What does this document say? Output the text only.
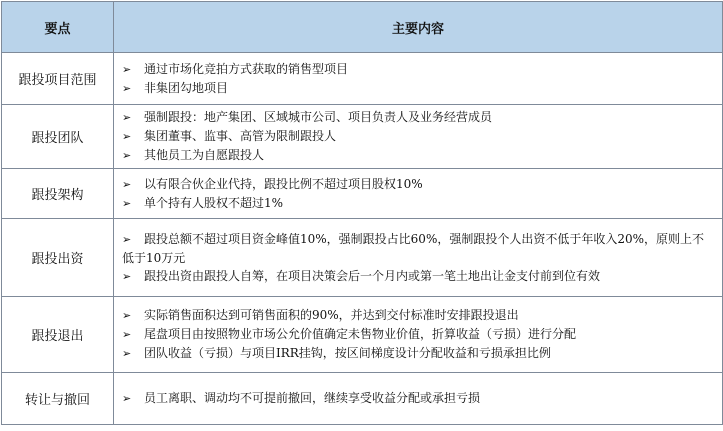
要点	主要内容
跟投项目范围	➢ 通过市场化竞拍方式获取的销售型项目
➢ 非集团勾地项目

跟投团队	➢ 强制跟投：地产集团、区域城市公司、项目负责人及业务经营成员
➢ 集团董事、监事、高管为限制跟投人
➢ 其他员工为自愿跟投人

跟投架构	➢ 以有限合伙企业代持，跟投比例不超过项目股权10%
➢ 单个持有人股权不超过1%

跟投出资	➢ 跟投总额不超过项目资金峰值10%，强制跟投占比60%，强制跟投个人出资不低于年收入20%，原则上不低于10万元
➢ 跟投出资由跟投人自筹，在项目决策会后一个月内或第一笔土地出让金支付前到位有效

跟投退出	➢ 实际销售面积达到可销售面积的90%，并达到交付标准时安排跟投退出
➢ 尾盘项目由按照物业市场公允价值确定未售物业价值，折算收益（亏损）进行分配
➢ 团队收益（亏损）与项目IRR挂钩，按区间梯度设计分配收益和亏损承担比例

转让与撤回	➢ 员工离职、调动均不可提前撤回，继续享受收益分配或承担亏损
